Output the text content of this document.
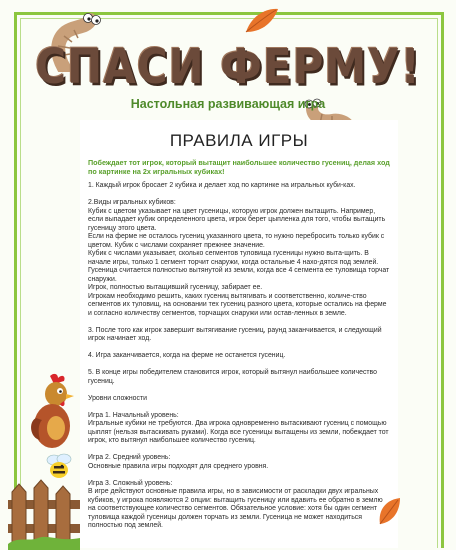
СПАСИ ФЕРМУ!
Настольная развивающая игра
ПРАВИЛА ИГРЫ
Побеждает тот игрок, который вытащит наибольшее количество гусениц, делая ход по картинке на 2х игральных кубиках!

1. Каждый игрок бросает 2 кубика и делает ход по картинке на игральных куби-ках.

2.Виды игральных кубиков:
Кубик с цветом указывает на цвет гусеницы, которую игрок должен вытащить. Например, если выпадает кубик определенного цвета, игрок берет цыпленка для того, чтобы вытащить гусеницу этого цвета.
Если на ферме не осталось гусениц указанного цвета, то нужно перебросить только кубик с цветом. Кубик с числами сохраняет прежнее значение.
Кубик с числами указывает, сколько сегментов туловища гусеницы нужно выта-щить. В начале игры, только 1 сегмент торчит снаружи, когда остальные 4 нахо-дятся под землей. Гусеница считается полностью вытянутой из земли, когда все 4 сегмента ее туловища торчат снаружи.
Игрок, полностью вытащивший гусеницу, забирает ее.

Игрокам необходимо решить, каких гусениц вытягивать и соответственно, количе-ство сегментов их туловищ, на основании тех гусениц разного цвета, которые остались на ферме и согласно количеству сегментов, торчащих снаружи или остав-ленных в земле.

3. После того как игрок завершит вытягивание гусениц, раунд заканчивается, и следующий игрок начинает ход.

4. Игра заканчивается, когда на ферме не останется гусениц.

5. В конце игры победителем становится игрок, который вытянул наибольшее количество гусениц.

Уровни сложности

Игра 1. Начальный уровень:

Игральные кубики не требуются. Два игрока одновременно вытаскивают гусениц с помощью цыплят (нельзя вытаскивать руками). Когда все гусеницы вытащены из земли, побеждает тот игрок, кто вытянул наибольшее количество гусениц.

Игра 2. Средний уровень:

Основные правила игры подходят для среднего уровня.

Игра 3. Сложный уровень:

В игре действуют основные правила игры, но в зависимости от раскладки двух игральных кубиков, у игрока появляются 2 опции: вытащить гусеницу или вдавить ее обратно в землю на соответствующее количество сегментов. Обязательное условие: хотя бы один сегмент туловища каждой гусеницы должен торчать из земли. Гусеница не может находиться полностью под землей.
